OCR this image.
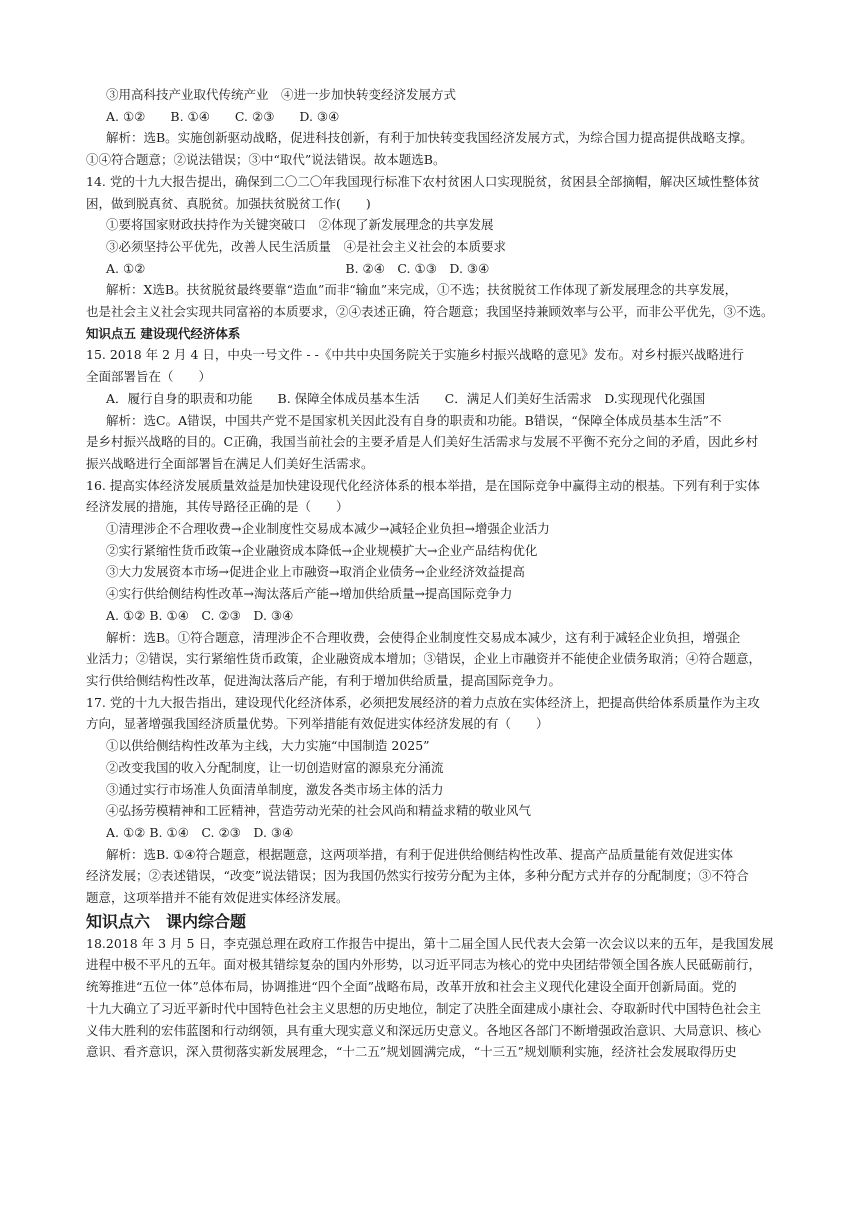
③用高科技产业取代传统产业　④进一步加快转变经济发展方式
A. ①②　　B. ①④　　C. ②③　　D. ③④
解析：选B。实施创新驱动战略，促进科技创新，有利于加快转变我国经济发展方式，为综合国力提高提供战略支撑。
①④符合题意；②说法错误；③中“取代”说法错误。故本题选B。
14. 党的十九大报告提出，确保到二〇二〇年我国现行标准下农村贫困人口实现脱贫，贫困县全部摘帽，解决区域性整体贫
困，做到脱真贫、真脱贫。加强扶贫脱贫工作(　　)
①要将国家财政扶持作为关键突破口　②体现了新发展理念的共享发展
③必须坚持公平优先，改善人民生活质量　④是社会主义社会的本质要求
A. ①②　　　　　　　　　　　　　　　　B. ②④　C. ①③　D. ③④
解析：X选B。扶贫脱贫最终要靠“造血”而非“输血”来完成，①不选；扶贫脱贫工作体现了新发展理念的共享发展，
也是社会主义社会实现共同富裕的本质要求，②④表述正确，符合题意；我国坚持兼顾效率与公平，而非公平优先，③不选。
知识点五 建设现代经济体系
15. 2018 年 2 月 4 日，中央一号文件 - -《中共中央国务院关于实施乡村振兴战略的意见》发布。对乡村振兴战略进行
全面部署旨在（　　）
A．履行自身的职责和功能　　B. 保障全体成员基本生活　　C．满足人们美好生活需求　D.实现现代化强国
解析：选C。A错误，中国共产党不是国家机关因此没有自身的职责和功能。B错误，“保障全体成员基本生活”不
是乡村振兴战略的目的。C正确，我国当前社会的主要矛盾是人们美好生活需求与发展不平衡不充分之间的矛盾，因此乡村
振兴战略进行全面部署旨在满足人们美好生活需求。
16. 提高实体经济发展质量效益是加快建设现代化经济体系的根本举措，是在国际竞争中赢得主动的根基。下列有利于实体
经济发展的措施，其传导路径正确的是（　　）
①清理涉企不合理收费→企业制度性交易成本减少→减轻企业负担→增强企业活力
②实行紧缩性货币政策→企业融资成本降低→企业规模扩大→企业产品结构优化
③大力发展资本市场→促进企业上市融资→取消企业债务→企业经济效益提高
④实行供给侧结构性改革→淘汰落后产能→增加供给质量→提高国际竞争力
A. ①② B. ①④　C. ②③　D. ③④
解析：选B。①符合题意，清理涉企不合理收费，会使得企业制度性交易成本减少，这有利于减轻企业负担，增强企
业活力；②错误，实行紧缩性货币政策，企业融资成本增加；③错误，企业上市融资并不能使企业债务取消；④符合题意，
实行供给侧结构性改革，促进淘汰落后产能，有利于增加供给质量，提高国际竞争力。
17. 党的十九大报告指出，建设现代化经济体系，必须把发展经济的着力点放在实体经济上，把提高供给体系质量作为主攻
方向，显著增强我国经济质量优势。下列举措能有效促进实体经济发展的有（　　）
①以供给侧结构性改革为主线，大力实施“中国制造 2025”
②改变我国的收入分配制度，让一切创造财富的源泉充分涌流
③通过实行市场准人负面清单制度，激发各类市场主体的活力
④弘扬劳模精神和工匠精神，营造劳动光荣的社会风尚和精益求精的敬业风气
A. ①② B. ①④　C. ②③　D. ③④
解析：选B. ①④符合题意，根据题意，这两项举措，有利于促进供给侧结构性改革、提高产品质量能有效促进实体
经济发展；②表述错误，“改变”说法错误；因为我国仍然实行按劳分配为主体，多种分配方式并存的分配制度；③不符合
题意，这项举措并不能有效促进实体经济发展。
知识点六　课内综合题
18.2018 年 3 月 5 日，李克强总理在政府工作报告中提出，第十二届全国人民代表大会第一次会议以来的五年，是我国发展
进程中极不平凡的五年。面对极其错综复杂的国内外形势，以习近平同志为核心的党中央团结带领全国各族人民砥砺前行，
统筹推进“五位一体”总体布局，协调推进“四个全面”战略布局，改革开放和社会主义现代化建设全面开创新局面。党的
十九大确立了习近平新时代中国特色社会主义思想的历史地位，制定了决胜全面建成小康社会、夺取新时代中国特色社会主
义伟大胜利的宏伟蓝图和行动纲领，具有重大现实意义和深远历史意义。各地区各部门不断增强政治意识、大局意识、核心
意识、看齐意识，深入贯彻落实新发展理念，“十二五”规划圆满完成，“十三五”规划顺利实施，经济社会发展取得历史
